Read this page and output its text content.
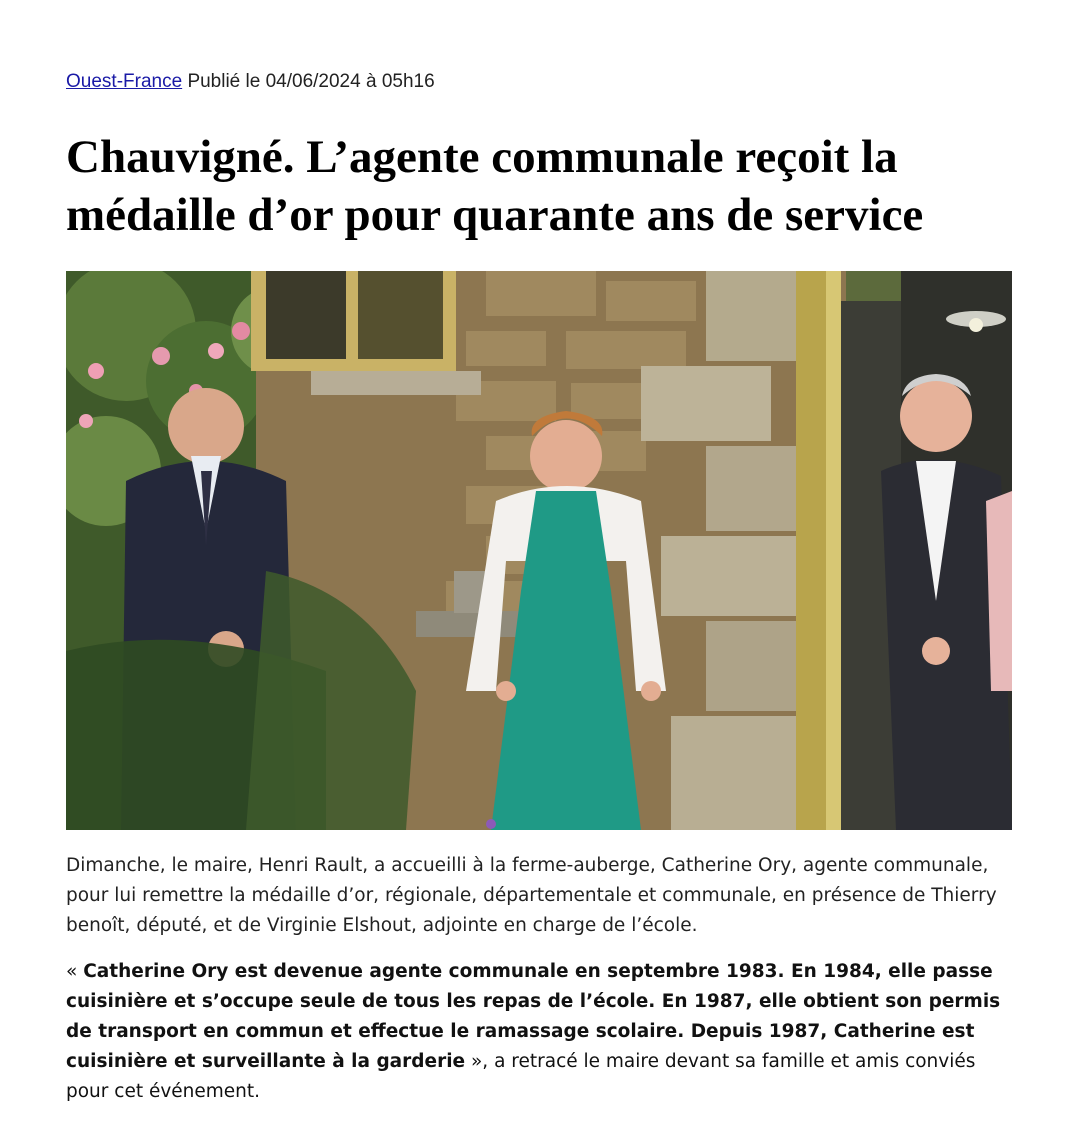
Ouest-France Publié le 04/06/2024 à 05h16
Chauvigné. L’agente communale reçoit la
médaille d’or pour quarante ans de service

Dimanche, le maire, Henri Rault, a accueilli à la ferme-auberge, Catherine Ory, agente communale, pour lui remettre la médaille d’or, régionale, départementale et communale, en présence de Thierry benoît, député, et de Virginie Elshout, adjointe en charge de l’école.

« Catherine Ory est devenue agente communale en septembre 1983. En 1984, elle passe cuisinière et s’occupe seule de tous les repas de l’école. En 1987, elle obtient son permis de transport en commun et effectue le ramassage scolaire. Depuis 1987, Catherine est cuisinière et surveillante à la garderie », a retracé le maire devant sa famille et amis conviés pour cet événement.
